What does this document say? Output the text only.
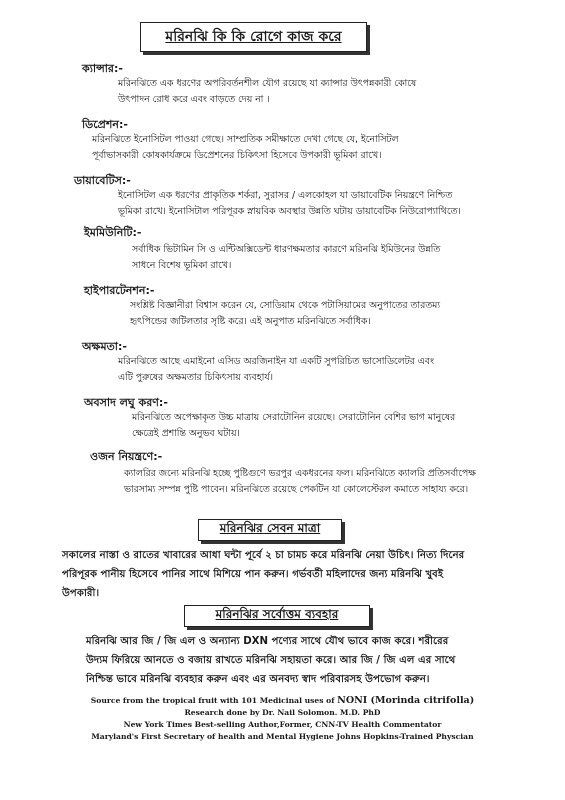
মরিনঝি কি কি রোগে কাজ করে
ক্যান্সার:-
মরিনঝিতে এক ধরণের অপরিবর্তনশীল যৌগ রয়েছে যা ক্যান্সার উৎপন্নকারী কোষে
উৎপাদন রোধ করে এবং বাড়তে দেয় না ।
ডিপ্রেশন:-
মরিনঝিতে ইনোসিটল পাওয়া গেছে। সাম্প্রতিক সমীক্ষাতে দেখা গেছে যে, ইনোসিটল
পূর্বাভাসকারী কোষকার্যক্রমে ডিপ্রেশনের চিকিৎসা হিসেবে উপকারী ভূমিকা রাখে।
ডায়াবেটিস:-
ইনোসিটল এক ধরণের প্রাকৃতিক শর্করা, সুরাসর / এলকোহল যা ডায়াবেটিক নিয়ন্ত্রণে নিশ্চিত
ভূমিকা রাখে। ইনোসিটাল পরিপূরক স্নায়বিক অবস্থার উন্নতি ঘটায় ডায়াবেটিক নিউরোপ্যাথিতে।
ইমমিউনিটি:-
সর্বাধিক ভিটামিন সি ও এন্টিঅক্সিডেন্ট ধারণক্ষমতার কারণে মরিনঝি ইমিউনের উন্নতি
সাধনে বিশেষ ভূমিকা রাখে।
হাইপারটেনশন:-
সংশ্লিষ্ট বিজ্ঞানীরা বিশ্বাস করেন যে, সোডিয়াম থেকে পটাসিয়ামের অনুপাতের তারতম্য
হৃৎপিন্ডের জটিলতার সৃষ্টি করে। এই অনুপাত মরিনঝিতে সর্বাধিক।
অক্ষমতা:-
মরিনঝিতে আছে এমাইনো এসিড অরজিনাইন যা একটি সুপরিচিত ভাসোডিলেটর এবং
এটি পুরুষের অক্ষমতার চিকিৎসায় ব্যবহার্য।
অবসাদ লঘু করণ:-
মরিনঝিতে অপেক্ষাকৃত উচ্চ মাত্রায় সেরাটোনিন রয়েছে। সেরাটোনিন বেশির ভাগ মানুষের
ক্ষেত্রেই প্রশান্তি অনুভব ঘটায়।
ওজন নিয়ন্ত্রণে:-
ক্যালরির জন্যে মরিনঝি হচ্ছে পুষ্টিগুণে ভরপুর একধরনের ফল। মরিনঝিতে ক্যালরি প্রতিসর্বাপেক্ষ
ভারসাম্য সম্পন্ন পুষ্টি পাবেন। মরিনঝিতে রয়েছে পেকটিন যা কোলেস্টেরল কমাতে সাহায্য করে।
মরিনঝির সেবন মাত্রা
সকালের নাস্তা ও রাতের খাবারের আধা ঘন্টা পূর্বে ২ চা চামচ করে মরিনঝি নেয়া উচিৎ। নিত্য দিনের
পরিপূরক পানীয় হিসেবে পানির সাথে মিশিয়ে পান করুন। গর্ভবর্তী মহিলাদের জন্য মরিনঝি খুবই
উপকারী।
মরিনঝির সর্বোত্তম ব্যবহার
মরিনঝি আর জি / জি এল ও অন্যান্য DXN পণ্যের সাথে যৌথ ভাবে কাজ করে। শরীরের
উদ্যম ফিরিয়ে আনতে ও বজায় রাখতে মরিনঝি সহায়তা করে। আর জি / জি এল এর সাথে
নিশ্চিন্ত ভাবে মরিনঝি ব্যবহার করুন এবং এর অনবদ্য স্বাদ পরিবারসহ উপভোগ করুন।
Source from the tropical fruit with 101 Medicinal uses of NONI (Morinda citrifolla)
Research done by Dr. Nail Solomon. M.D. PhD
New York Times Best-selling Author,Former, CNN-TV Health Commentator
Maryland's First Secretary of health and Mental Hygiene Johns Hopkins-Trained Physcian
